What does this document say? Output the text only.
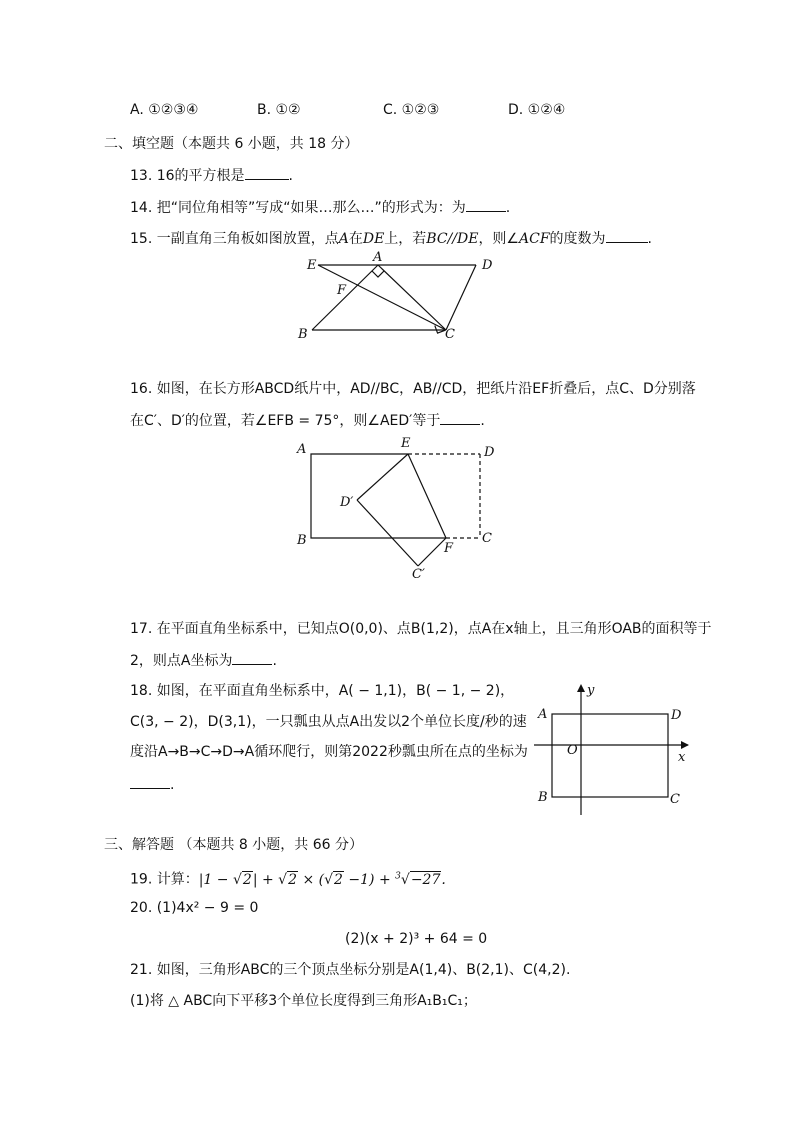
A. ①②③④	B. ①②	C. ①②③	D. ①②④
二、填空题（本题共 6 小题，共 18 分）
13. 16的平方根是	.
14. 把“同位角相等”写成“如果…那么…”的形式为：为	.
15. 一副直角三角板如图放置，点A在DE上，若BC//DE，则∠ACF的度数为	.
E
A
D
F
B	C
16. 如图，在长方形ABCD纸片中，AD//BC，AB//CD，把纸片沿EF折叠后，点C、D分别落
在C′、D′的位置，若∠EFB = 75°，则∠AED′等于	.
A	E
D
D′
B
F
C
C′
17. 在平面直角坐标系中，已知点O(0,0)、点B(1,2)，点A在x轴上，且三角形OAB的面积等于
2，则点A坐标为	.
18. 如图，在平面直角坐标系中，A( − 1,1)，B( − 1, − 2)，
C(3, − 2)，D(3,1)，一只瓢虫从点A出发以2个单位长度/秒的速
度沿A→B→C→D→A循环爬行，则第2022秒瓢虫所在点的坐标为
.
y
x
O
A
B	C
D
三、解答题 （本题共 8 小题，共 66 分）
19. 计算：|1 − √2| + √2 × (√2 −1) + $^3$√−27.
20. (1)4x² − 9 = 0
(2)(x + 2)³ + 64 = 0
21. 如图，三角形ABC的三个顶点坐标分别是A(1,4)、B(2,1)、C(4,2).
(1)将 △ ABC向下平移3个单位长度得到三角形A₁B₁C₁；
